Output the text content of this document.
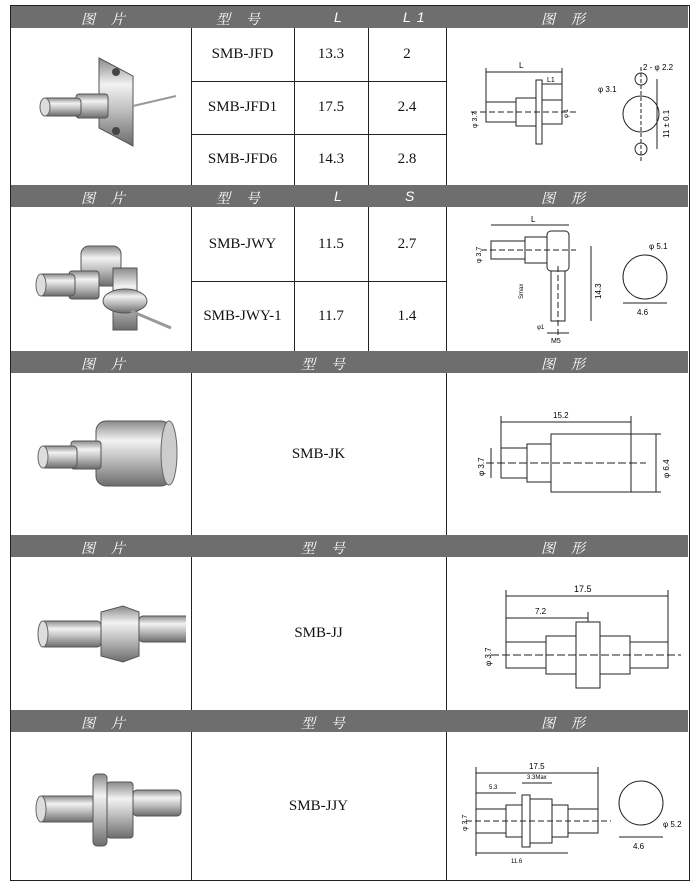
图 片	型 号	L	L1	图 形
SMB-JFD	13.3	2
SMB-JFD1	17.5	2.4
SMB-JFD6	14.3	2.8
L
L1
φ 3.7	φ 1
φ 3.1
2 - φ 2.2
11 ± 0.1
图 片	型 号	L	S	图 形
SMB-JWY	11.5	2.7
SMB-JWY-1	11.7	1.4
L
φ 3.7
Smax	14.3
φ1
M5
φ 5.1
4.6
图 片	型 号	图 形
SMB-JK
15.2
φ 3.7	φ 6.4
图 片	型 号	图 形
SMB-JJ
17.5
7.2
φ 3.7
图 片	型 号	图 形
SMB-JJY
17.5
5.3
3.3Max
11.6
φ 3.7	φ 5.2
4.6
